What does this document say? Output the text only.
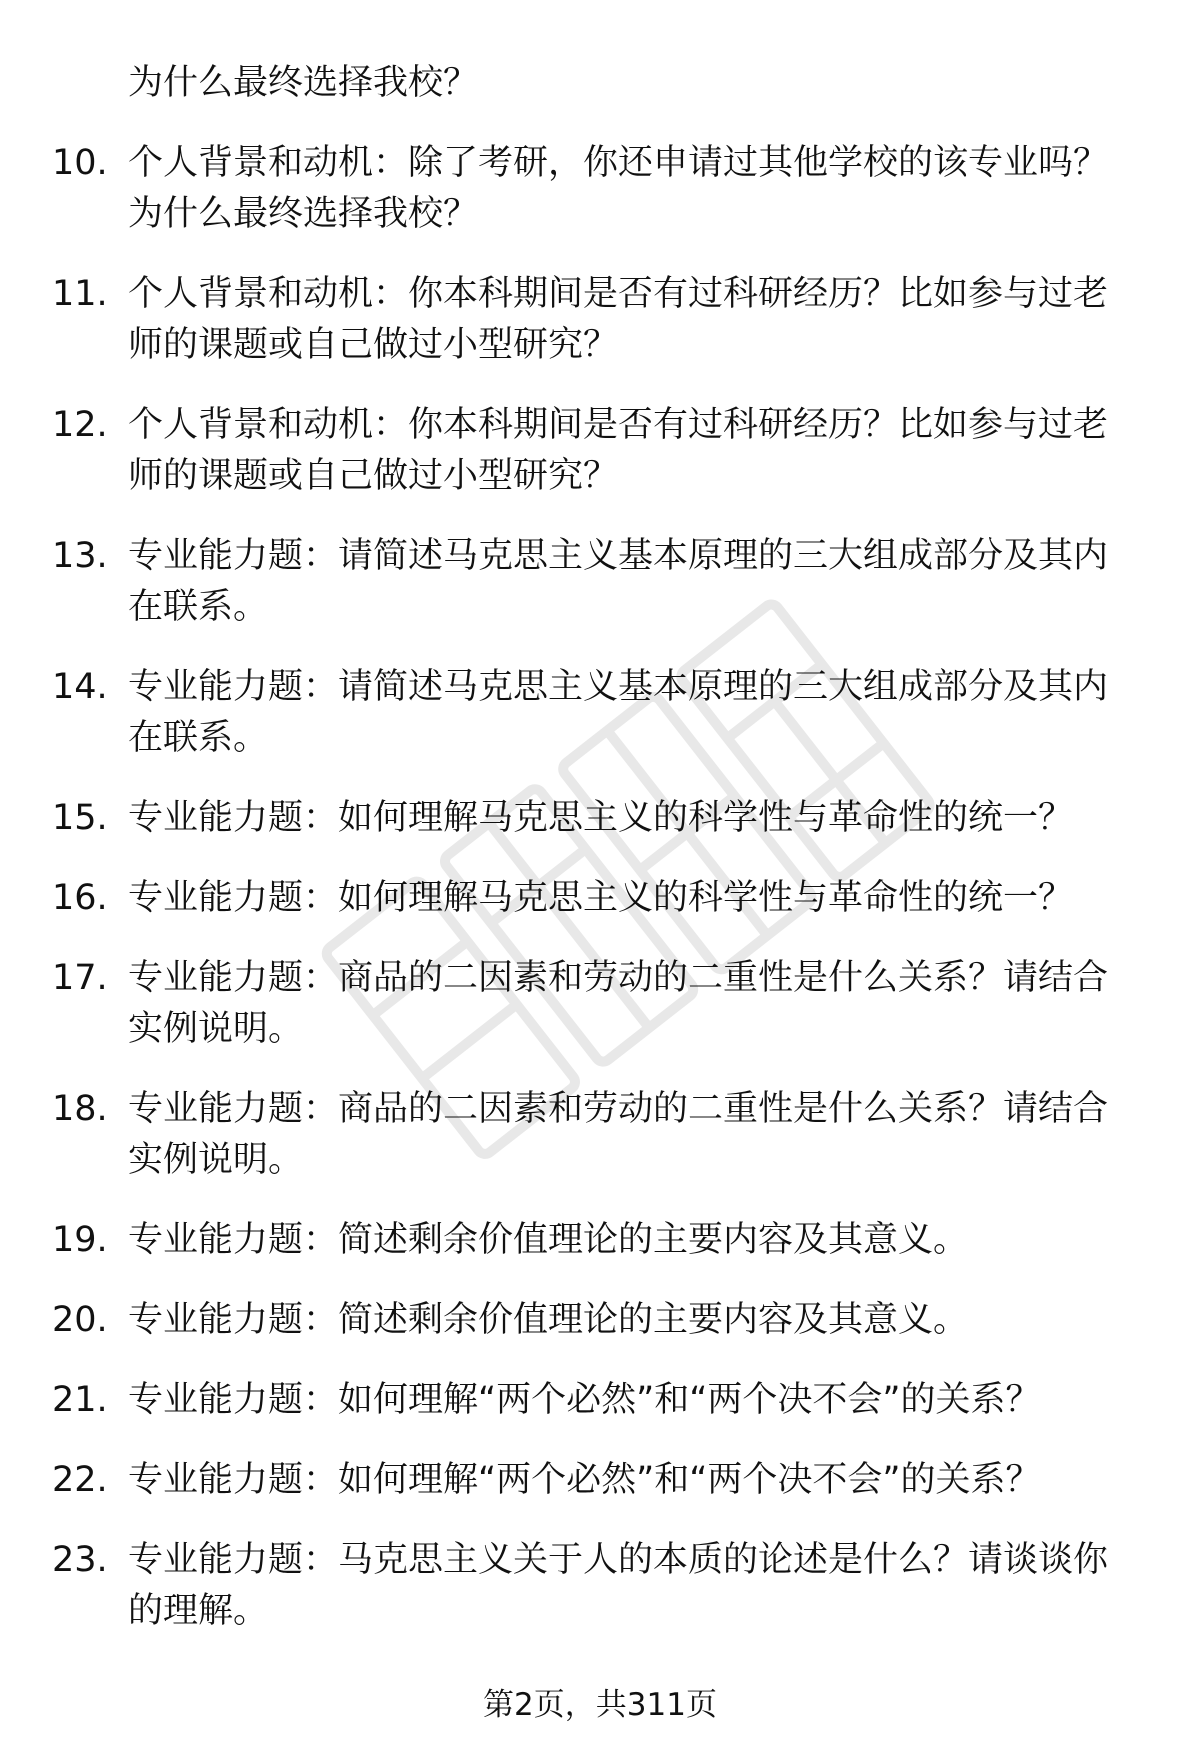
为什么最终选择我校？
10. 个人背景和动机：除了考研，你还申请过其他学校的该专业吗？为什么最终选择我校？
11. 个人背景和动机：你本科期间是否有过科研经历？比如参与过老师的课题或自己做过小型研究？
12. 个人背景和动机：你本科期间是否有过科研经历？比如参与过老师的课题或自己做过小型研究？
13. 专业能力题：请简述马克思主义基本原理的三大组成部分及其内在联系。
14. 专业能力题：请简述马克思主义基本原理的三大组成部分及其内在联系。
15. 专业能力题：如何理解马克思主义的科学性与革命性的统一？
16. 专业能力题：如何理解马克思主义的科学性与革命性的统一？
17. 专业能力题：商品的二因素和劳动的二重性是什么关系？请结合实例说明。
18. 专业能力题：商品的二因素和劳动的二重性是什么关系？请结合实例说明。
19. 专业能力题：简述剩余价值理论的主要内容及其意义。
20. 专业能力题：简述剩余价值理论的主要内容及其意义。
21. 专业能力题：如何理解“两个必然”和“两个决不会”的关系？
22. 专业能力题：如何理解“两个必然”和“两个决不会”的关系？
23. 专业能力题：马克思主义关于人的本质的论述是什么？请谈谈你的理解。
第2页，共311页
